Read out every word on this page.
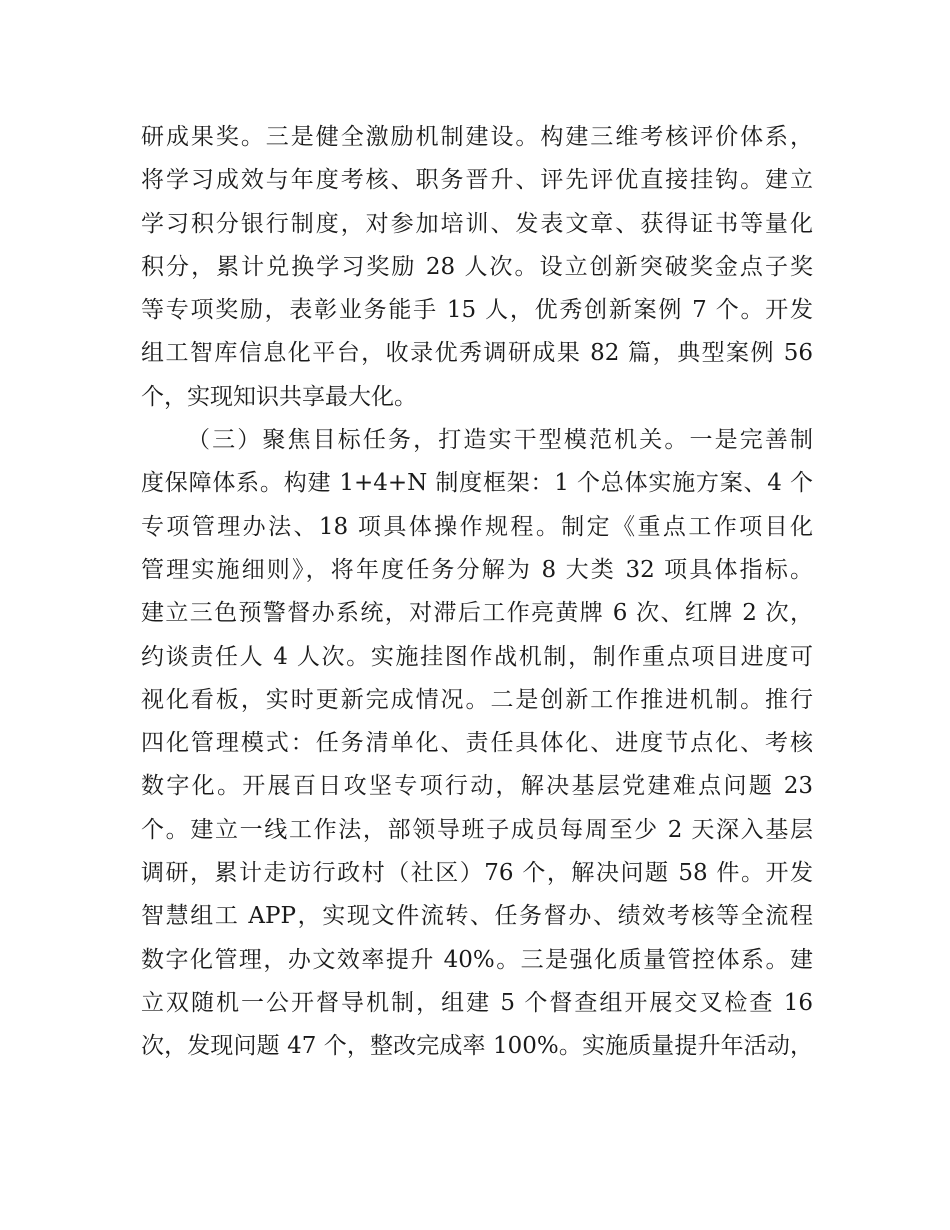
研成果奖。三是健全激励机制建设。构建三维考核评价体系，
将学习成效与年度考核、职务晋升、评先评优直接挂钩。建立
学习积分银行制度，对参加培训、发表文章、获得证书等量化
积分，累计兑换学习奖励 28 人次。设立创新突破奖金点子奖
等专项奖励，表彰业务能手 15 人，优秀创新案例 7 个。开发
组工智库信息化平台，收录优秀调研成果 82 篇，典型案例 56
个，实现知识共享最大化。
（三）聚焦目标任务，打造实干型模范机关。一是完善制
度保障体系。构建 1+4+N 制度框架：1 个总体实施方案、4 个
专项管理办法、18 项具体操作规程。制定《重点工作项目化
管理实施细则》，将年度任务分解为 8 大类 32 项具体指标。
建立三色预警督办系统，对滞后工作亮黄牌 6 次、红牌 2 次，
约谈责任人 4 人次。实施挂图作战机制，制作重点项目进度可
视化看板，实时更新完成情况。二是创新工作推进机制。推行
四化管理模式：任务清单化、责任具体化、进度节点化、考核
数字化。开展百日攻坚专项行动，解决基层党建难点问题 23
个。建立一线工作法，部领导班子成员每周至少 2 天深入基层
调研，累计走访行政村（社区）76 个，解决问题 58 件。开发
智慧组工 APP，实现文件流转、任务督办、绩效考核等全流程
数字化管理，办文效率提升 40%。三是强化质量管控体系。建
立双随机一公开督导机制，组建 5 个督查组开展交叉检查 16
次，发现问题 47 个，整改完成率 100%。实施质量提升年活动，
